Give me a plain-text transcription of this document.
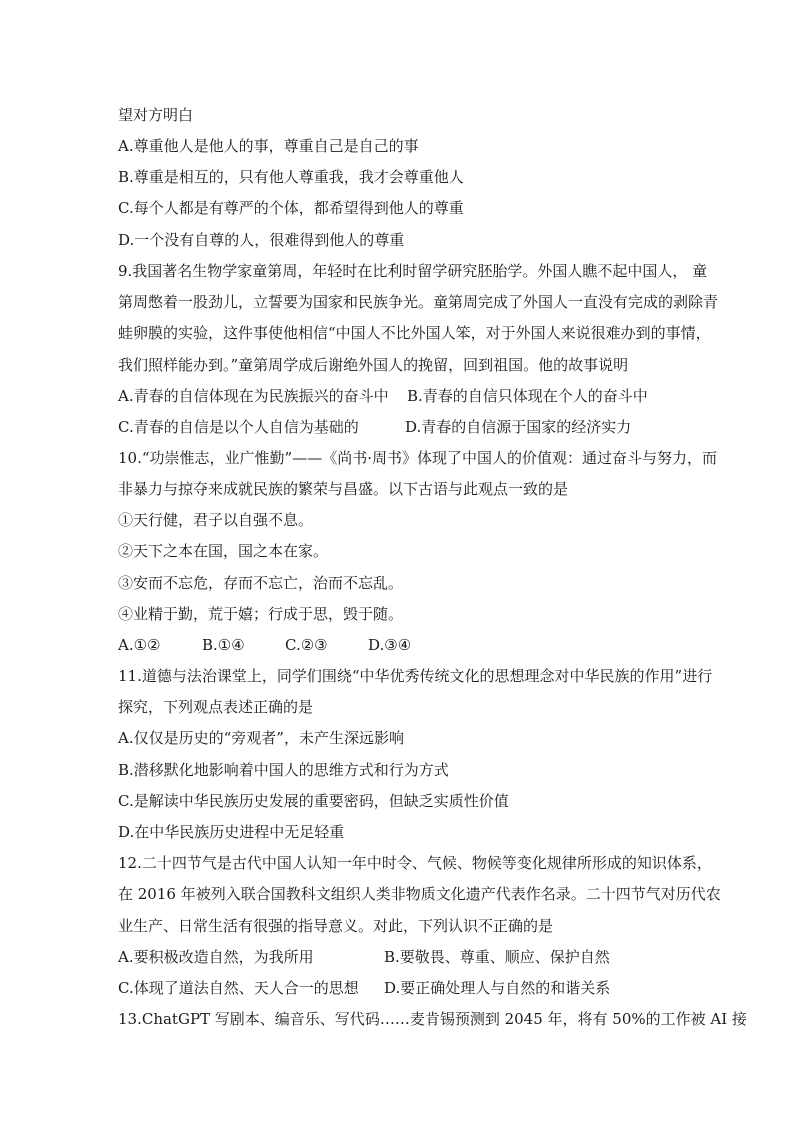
望对方明白
A.尊重他人是他人的事，尊重自己是自己的事
B.尊重是相互的，只有他人尊重我，我才会尊重他人
C.每个人都是有尊严的个体，都希望得到他人的尊重
D.一个没有自尊的人，很难得到他人的尊重
9.我国著名生物学家童第周，年轻时在比利时留学研究胚胎学。外国人瞧不起中国人， 童
第周憋着一股劲儿，立誓要为国家和民族争光。童第周完成了外国人一直没有完成的剥除青
蛙卵膜的实验，这件事使他相信“中国人不比外国人笨，对于外国人来说很难办到的事情，
我们照样能办到。”童第周学成后谢绝外国人的挽留，回到祖国。他的故事说明
A.青春的自信体现在为民族振兴的奋斗中 B.青春的自信只体现在个人的奋斗中
C.青春的自信是以个人自信为基础的	D.青春的自信源于国家的经济实力
10.“功崇惟志，业广惟勤”——《尚书·周书》体现了中国人的价值观：通过奋斗与努力，而
非暴力与掠夺来成就民族的繁荣与昌盛。以下古语与此观点一致的是
①天行健，君子以自强不息。
②天下之本在国，国之本在家。
③安而不忘危，存而不忘亡，治而不忘乱。
④业精于勤，荒于嬉；行成于思，毁于随。
A.①②	B.①④	C.②③	D.③④
11.道德与法治课堂上，同学们围绕“中华优秀传统文化的思想理念对中华民族的作用”进行
探究，下列观点表述正确的是
A.仅仅是历史的“旁观者”，未产生深远影响
B.潜移默化地影响着中国人的思维方式和行为方式
C.是解读中华民族历史发展的重要密码，但缺乏实质性价值
D.在中华民族历史进程中无足轻重
12.二十四节气是古代中国人认知一年中时令、气候、物候等变化规律所形成的知识体系，
在 2016 年被列入联合国教科文组织人类非物质文化遗产代表作名录。二十四节气对历代农
业生产、日常生活有很强的指导意义。对此，下列认识不正确的是
A.要积极改造自然，为我所用	B.要敬畏、尊重、顺应、保护自然
C.体现了道法自然、天人合一的思想 D.要正确处理人与自然的和谐关系
13.ChatGPT 写剧本、编音乐、写代码……麦肯锡预测到 2045 年，将有 50%的工作被 AI 接
